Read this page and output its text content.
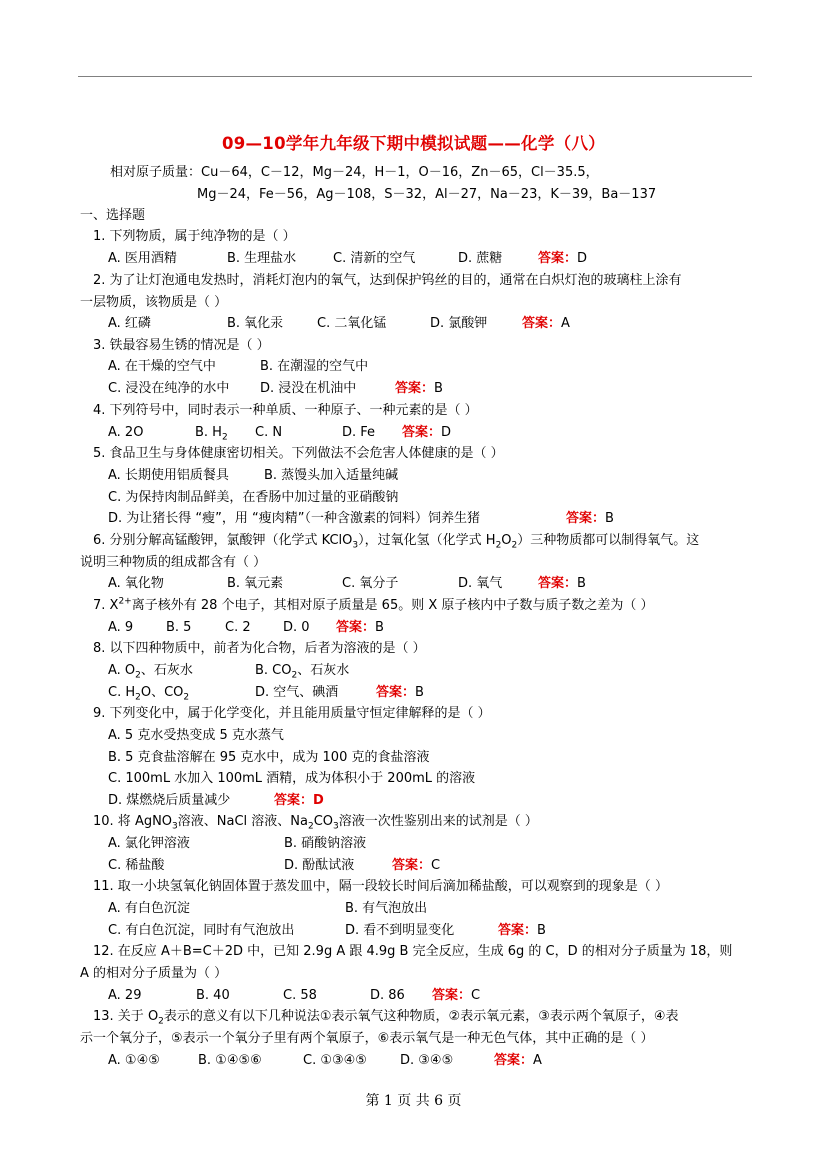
09—10学年九年级下期中模拟试题——化学（八）
相对原子质量：Cu－64，C－12，Mg－24，H－1，O－16，Zn－65，Cl－35.5，
Mg－24，Fe－56，Ag－108，S－32，Al－27，Na－23，K－39，Ba－137
一、选择题
1. 下列物质，属于纯净物的是（ ）
A. 医用酒精	B. 生理盐水	C. 清新的空气	D. 蔗糖	答案：D
2. 为了让灯泡通电发热时，消耗灯泡内的氧气，达到保护钨丝的目的，通常在白炽灯泡的玻璃柱上涂有
一层物质，该物质是（ ）
A. 红磷	B. 氧化汞	C. 二氧化锰	D. 氯酸钾	答案：A
3. 铁最容易生锈的情况是（ ）
A. 在干燥的空气中	B. 在潮湿的空气中
C. 浸没在纯净的水中 D. 浸没在机油中	答案：B
4. 下列符号中，同时表示一种单质、一种原子、一种元素的是（ ）
A. 2O	B. $H_2$ C. N	D. Fe 答案：D
5. 食品卫生与身体健康密切相关。下列做法不会危害人体健康的是（ ）
A. 长期使用铝质餐具	B. 蒸馒头加入适量纯碱
C. 为保持肉制品鲜美，在香肠中加过量的亚硝酸钠
D. 为让猪长得 “瘦”，用 “瘦肉精”（一种含激素的饲料）饲养生猪	答案：B
6. 分别分解高锰酸钾，氯酸钾（化学式 KClO$_3$），过氧化氢（化学式 $H_2O_2$）三种物质都可以制得氧气。这
说明三种物质的组成都含有（ ）
A. 氧化物	B. 氧元素	C. 氧分子	D. 氧气	答案：B
7. $X^{2+}$离子核外有 28 个电子，其相对原子质量是 65。则 X 原子核内中子数与质子数之差为（ ）
A. 9	B. 5	C. 2 D. 0 答案：B
8. 以下四种物质中，前者为化合物，后者为溶液的是（ ）
A. $O_2$、石灰水	B. $CO_2$、石灰水
C. $H_2O$、$CO_2$	D. 空气、碘酒	答案：B
9. 下列变化中，属于化学变化，并且能用质量守恒定律解释的是（ ）
A. 5 克水受热变成 5 克水蒸气
B. 5 克食盐溶解在 95 克水中，成为 100 克的食盐溶液
C. 100mL 水加入 100mL 酒精，成为体积小于 200mL 的溶液
D. 煤燃烧后质量减少	答案：D
10. 将 AgNO$_3$溶液、NaCl 溶液、$Na_2CO_3$溶液一次性鉴别出来的试剂是（ ）
A. 氯化钾溶液	B. 硝酸钠溶液
C. 稀盐酸	D. 酚酞试液	答案：C
11. 取一小块氢氧化钠固体置于蒸发皿中，隔一段较长时间后滴加稀盐酸，可以观察到的现象是（ ）
A. 有白色沉淀	B. 有气泡放出
C. 有白色沉淀，同时有气泡放出	D. 看不到明显变化	答案：B
12. 在反应 A＋B=C＋2D 中，已知 2.9g A 跟 4.9g B 完全反应，生成 6g 的 C，D 的相对分子质量为 18，则
A 的相对分子质量为（ ）
A. 29	B. 40	C. 58	D. 86 答案：C
13. 关于 $O_2$表示的意义有以下几种说法①表示氧气这种物质，②表示氧元素，③表示两个氧原子，④表
示一个氧分子，⑤表示一个氧分子里有两个氧原子，⑥表示氧气是一种无色气体，其中正确的是（ ）
A. ①④⑤	B. ①④⑤⑥	C. ①③④⑤	D. ③④⑤	答案：A
第 1 页 共 6 页
